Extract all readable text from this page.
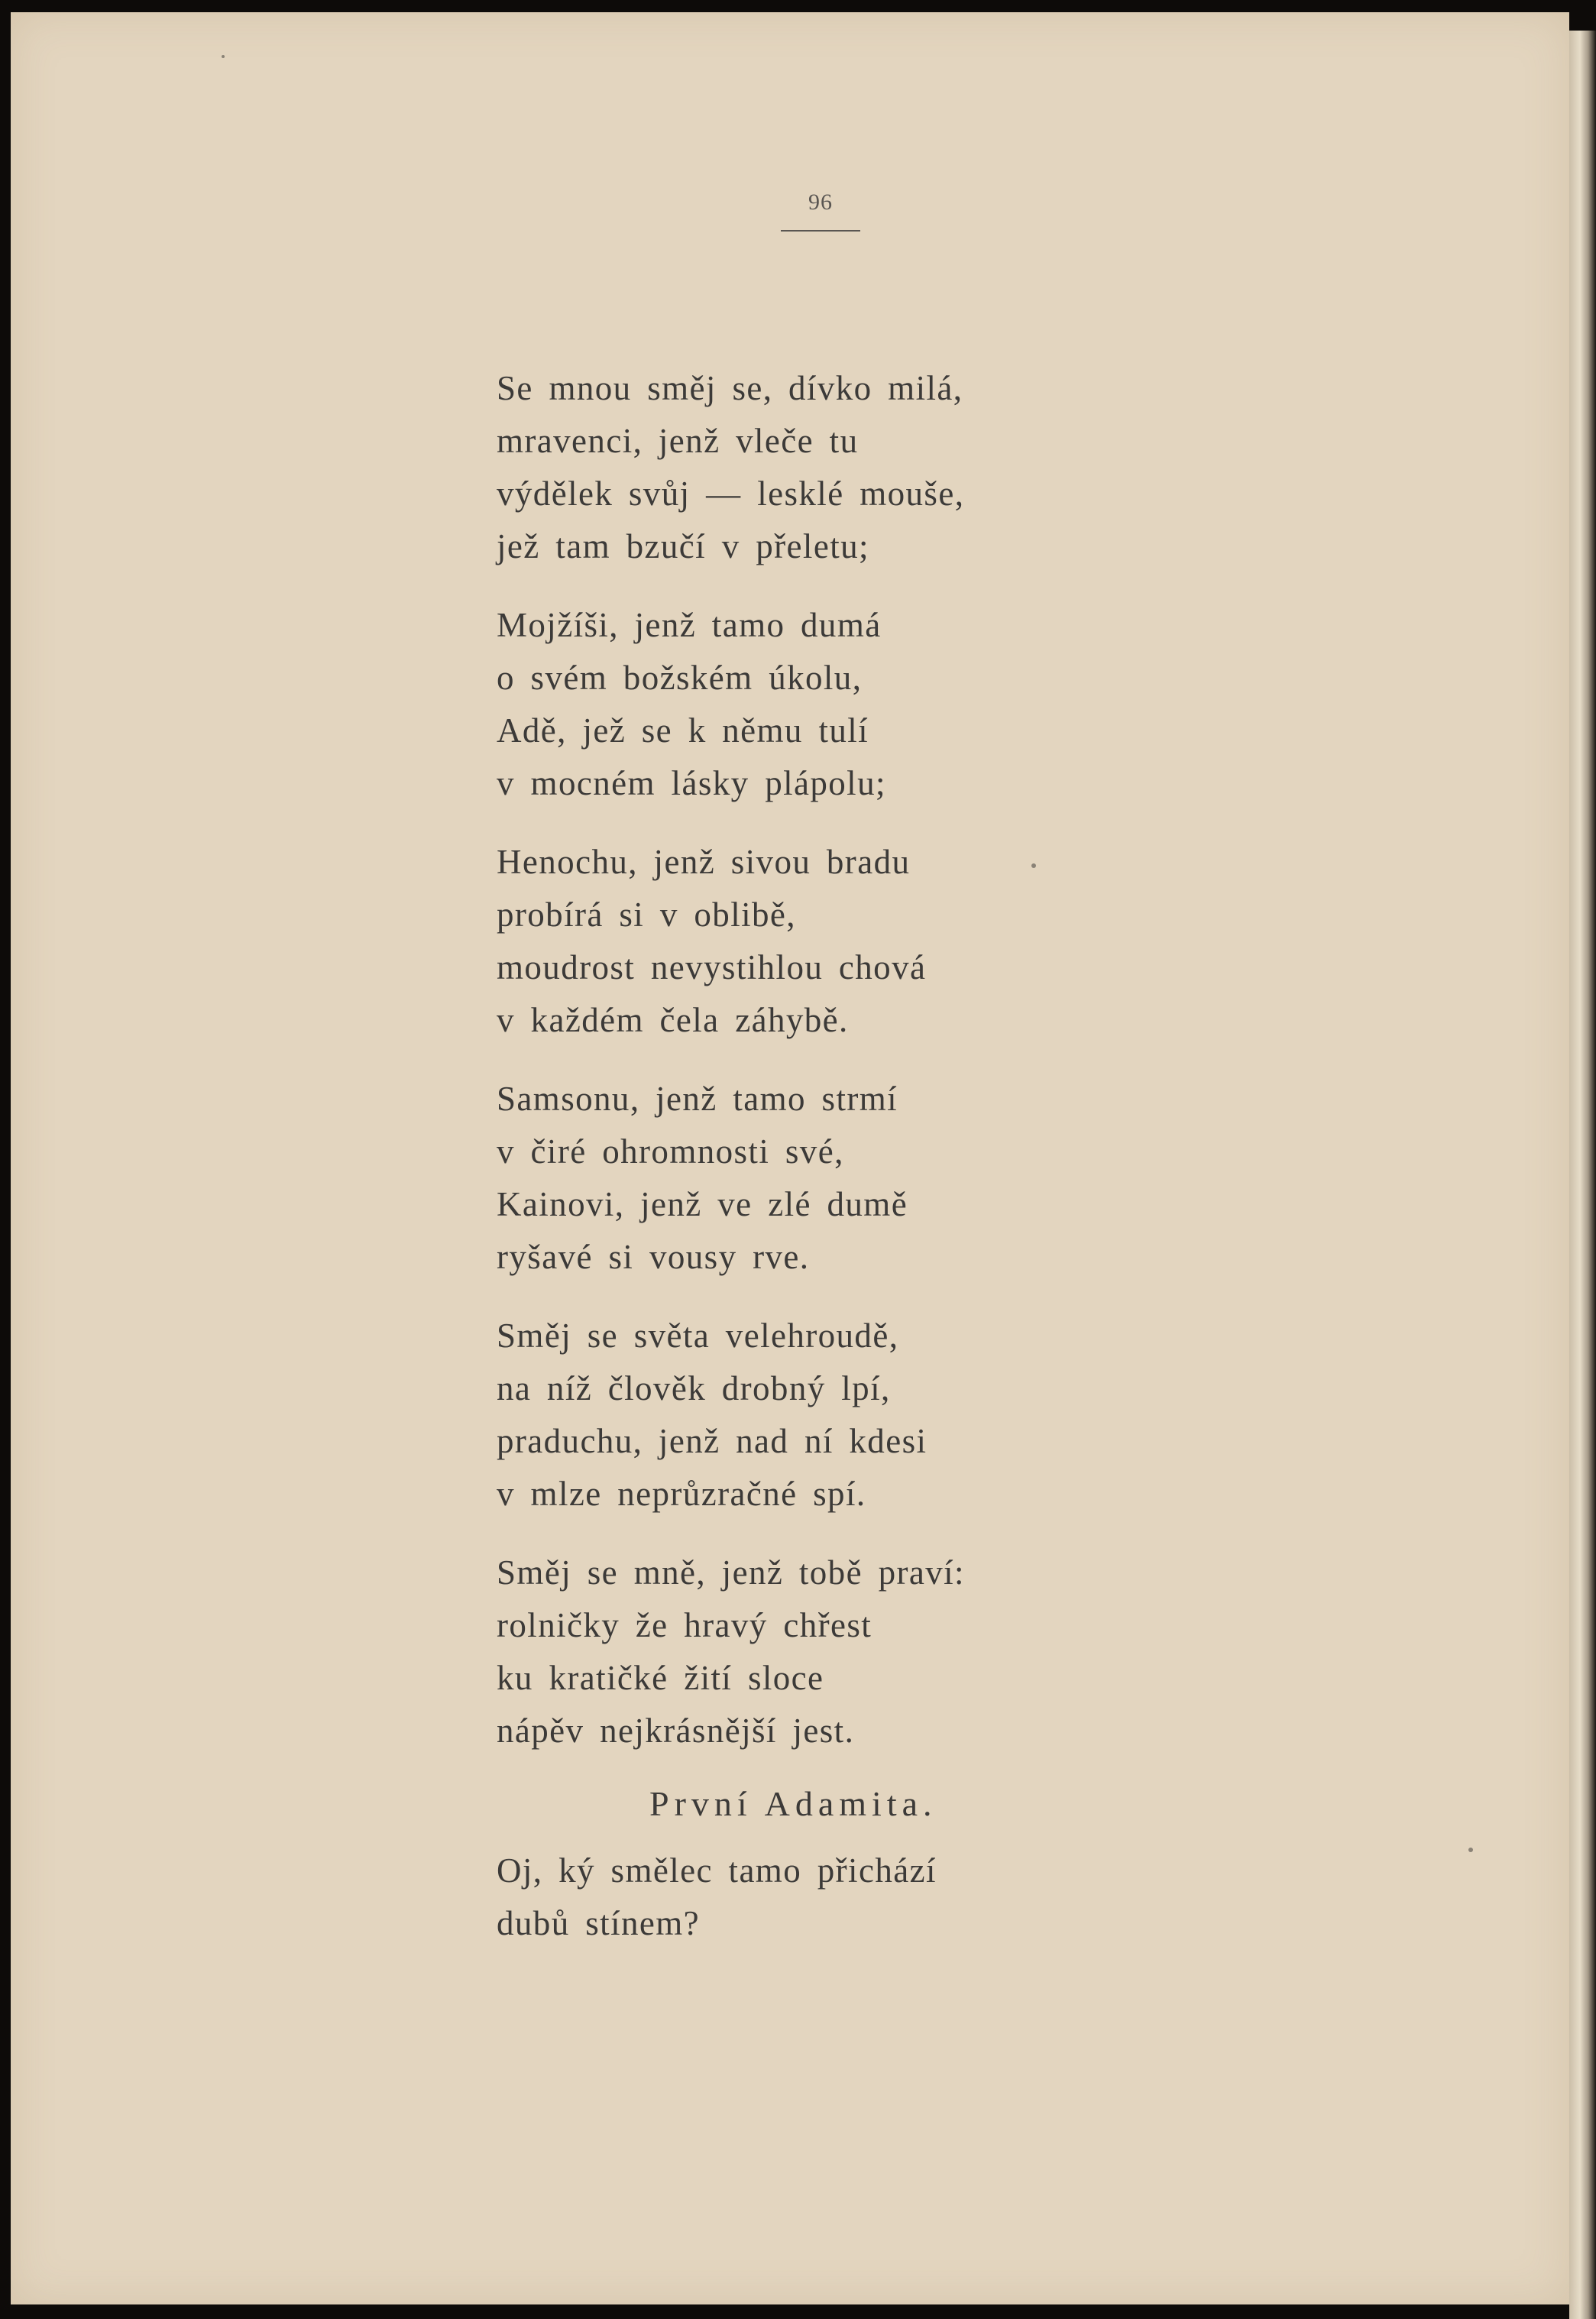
96
Se mnou směj se, dívko milá,
mravenci, jenž vleče tu
výdělek svůj — lesklé mouše,
jež tam bzučí v přeletu;
Mojžíši, jenž tamo dumá
o svém božském úkolu,
Adě, jež se k němu tulí
v mocném lásky plápolu;
Henochu, jenž sivou bradu
probírá si v oblibě,
moudrost nevystihlou chová
v každém čela záhybě.
Samsonu, jenž tamo strmí
v čiré ohromnosti své,
Kainovi, jenž ve zlé dumě
ryšavé si vousy rve.
Směj se světa velehroudě,
na níž člověk drobný lpí,
praduchu, jenž nad ní kdesi
v mlze neprůzračné spí.
Směj se mně, jenž tobě praví:
rolničky že hravý chřest
ku kratičké žití sloce
nápěv nejkrásnější jest.
První Adamita.
Oj, ký smělec tamo přichází
dubů stínem?
